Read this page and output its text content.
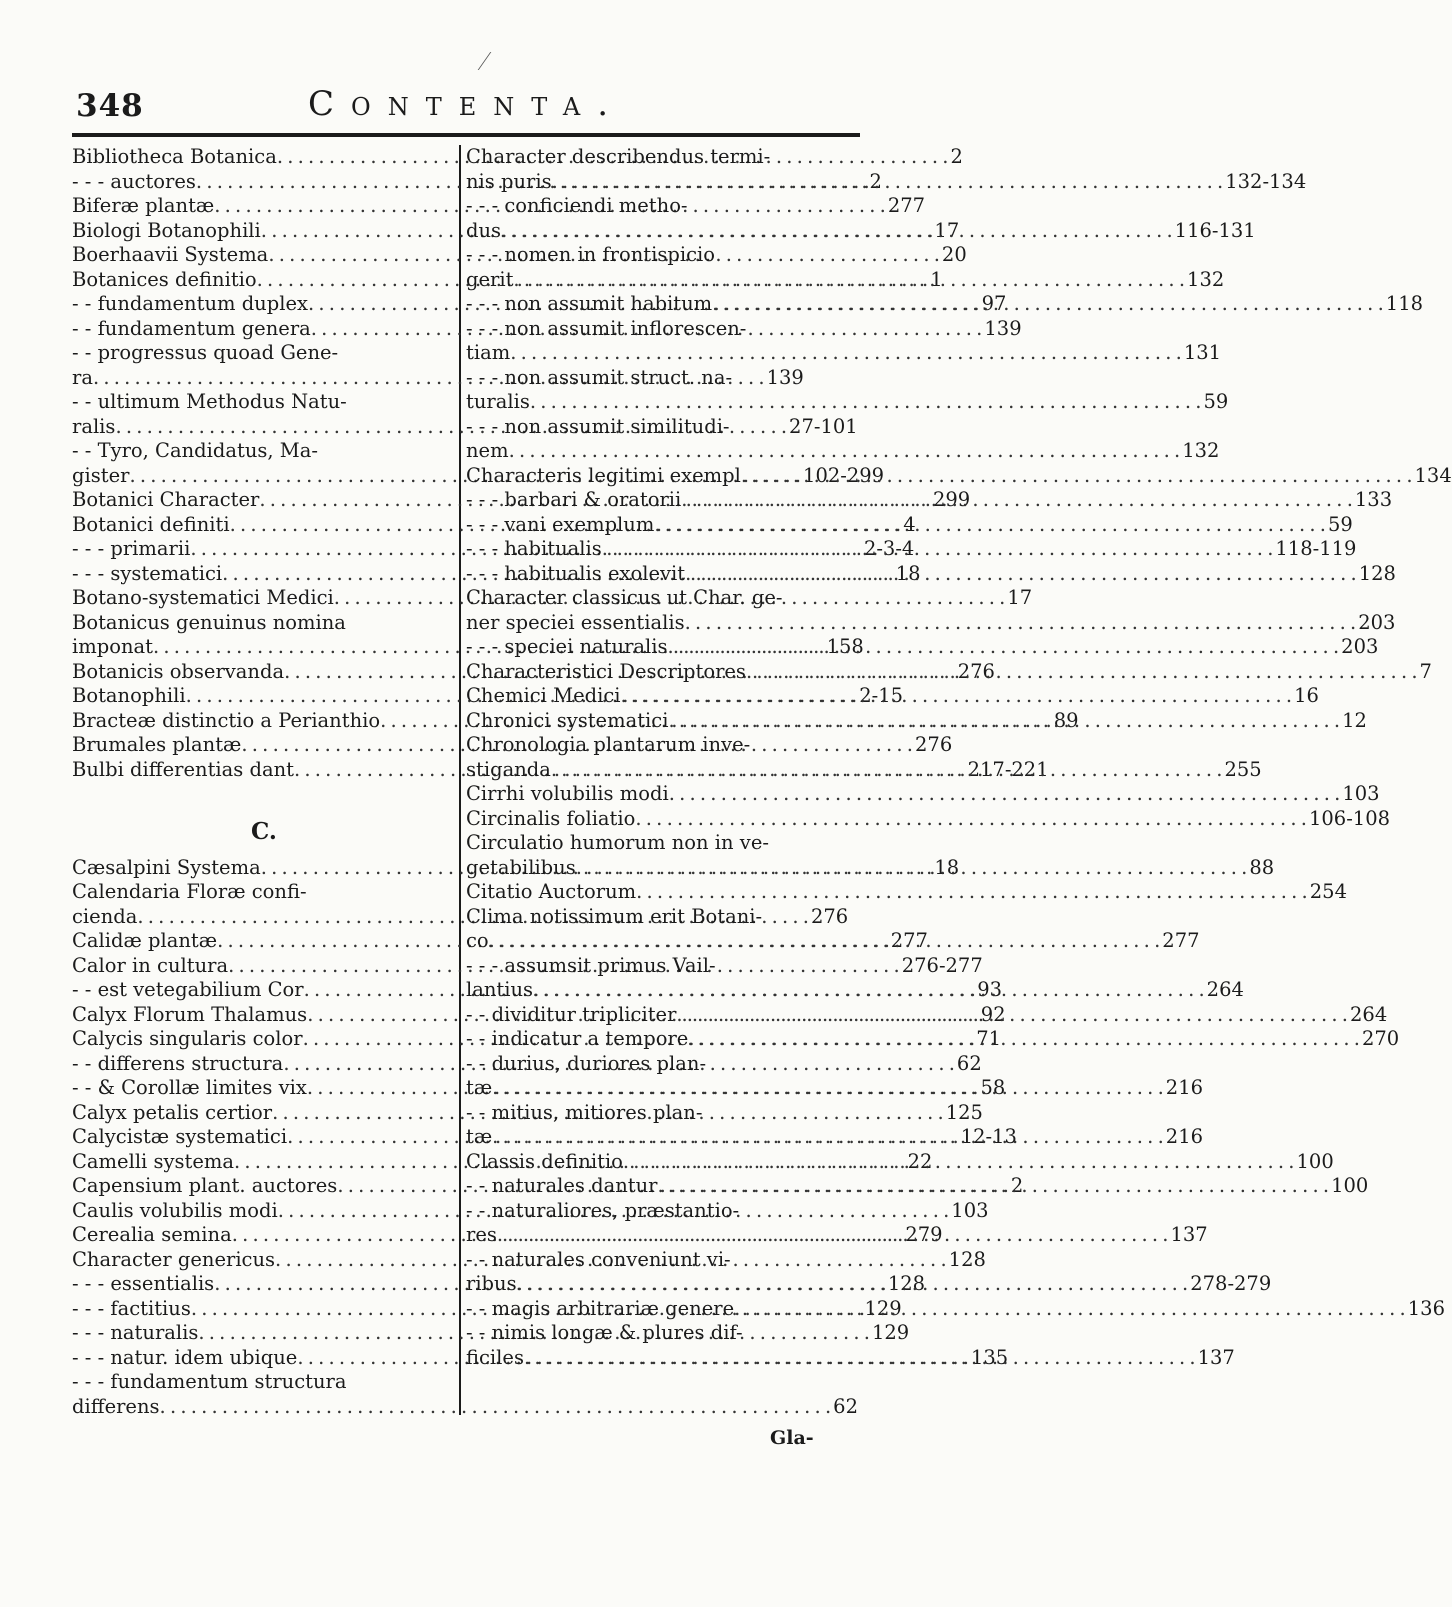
348	Contenta.
Bibliotheca Botanica . . .	2
- - - auctores . . .	2
Biferæ plantæ . . .	277
Biologi Botanophili . . .	17
Boerhaavii Systema . . .	20
Botanices definitio . . .	1
- - fundamentum duplex . . .	97
- - fundamentum genera . . .	139
- - progressus quoad Gene-
ra . . .	139
- - ultimum Methodus Natu-
ralis . . .	27-101
- - Tyro, Candidatus, Ma-
gister . . .	102-299
Botanici Character . . .	299
Botanici definiti . . .	4
- - - primarii . . .	2-3-4
- - - systematici . . .	18
Botano-systematici Medici . . .	17
Botanicus genuinus nomina
imponat . . .	158
Botanicis observanda . . .	276
Botanophili . . .	2-15
Bracteæ distinctio a Perianthio . . .	89
Brumales plantæ . . .	276
Bulbi differentias dant . . .	217-221
C.
Cæsalpini Systema . . .	18
Calendaria Floræ confi-
cienda . . .	276
Calidæ plantæ . . .	277
Calor in cultura . . .	276-277
- - est vetegabilium Cor . . .	93
Calyx Florum Thalamus . . .	92
Calycis singularis color . . .	71
- - differens structura . . .	62
- - & Corollæ limites vix . . .	58
Calyx petalis certior . . .	125
Calycistæ systematici . . .	12-13
Camelli systema . . .	22
Capensium plant. auctores . . .	2
Caulis volubilis modi . . .	103
Cerealia semina . . .	279
Character genericus . . .	128
- - - essentialis . . .	128
- - - factitius . . .	129
- - - naturalis . . .	129
- - - natur. idem ubique . . .	135
- - - fundamentum structura
differens . . .	62
Character describendus termi-
nis puris . . .	132-134
- - - conficiendi metho-
dus . . .	116-131
- - - nomen in frontispicio
gerit . . .	132
- - - non assumit habitum . . .	118
- - - non assumit inflorescen-
tiam . . .	131
- - - non assumit struct. na-
turalis . . .	59
- - - non assumit similitudi-
nem . . .	132
Characteris legitimi exempl . . .	134
- - - barbari & oratorii . . .	133
- - - vani exemplum . . .	59
- - - habitualis . . .	118-119
- - - habitualis exolevit . . .	128
Character classicus ut Char. ge-
ner speciei essentialis . . .	203
- - - speciei naturalis . . .	203
Characteristici Descriptores . . .	7
Chemici Medici . . .	16
Chronici systematici . . .	12
Chronologia plantarum inve-
stiganda . . .	255
Cirrhi volubilis modi . . .	103
Circinalis foliatio . . .	106-108
Circulatio humorum non in ve-
getabilibus . . .	88
Citatio Auctorum . . .	254
Clima notissimum erit Botani-
co . . .	277
- - - assumsit primus Vail-
lantius . . .	264
- - dividitur tripliciter . . .	264
- - indicatur a tempore . . .	270
- - durius, duriores plan-
tæ . . .	216
- - mitius, mitiores plan-
tæ . . .	216
Classis definitio . . .	100
- - naturales dantur . . .	100
- - naturaliores, præstantio-
res . . .	137
- - naturales conveniunt vi-
ribus . . .	278-279
- - magis arbitrariæ genere . . .	136
- - nimis longæ & plures dif-
ficiles . . .	137
Gla-
